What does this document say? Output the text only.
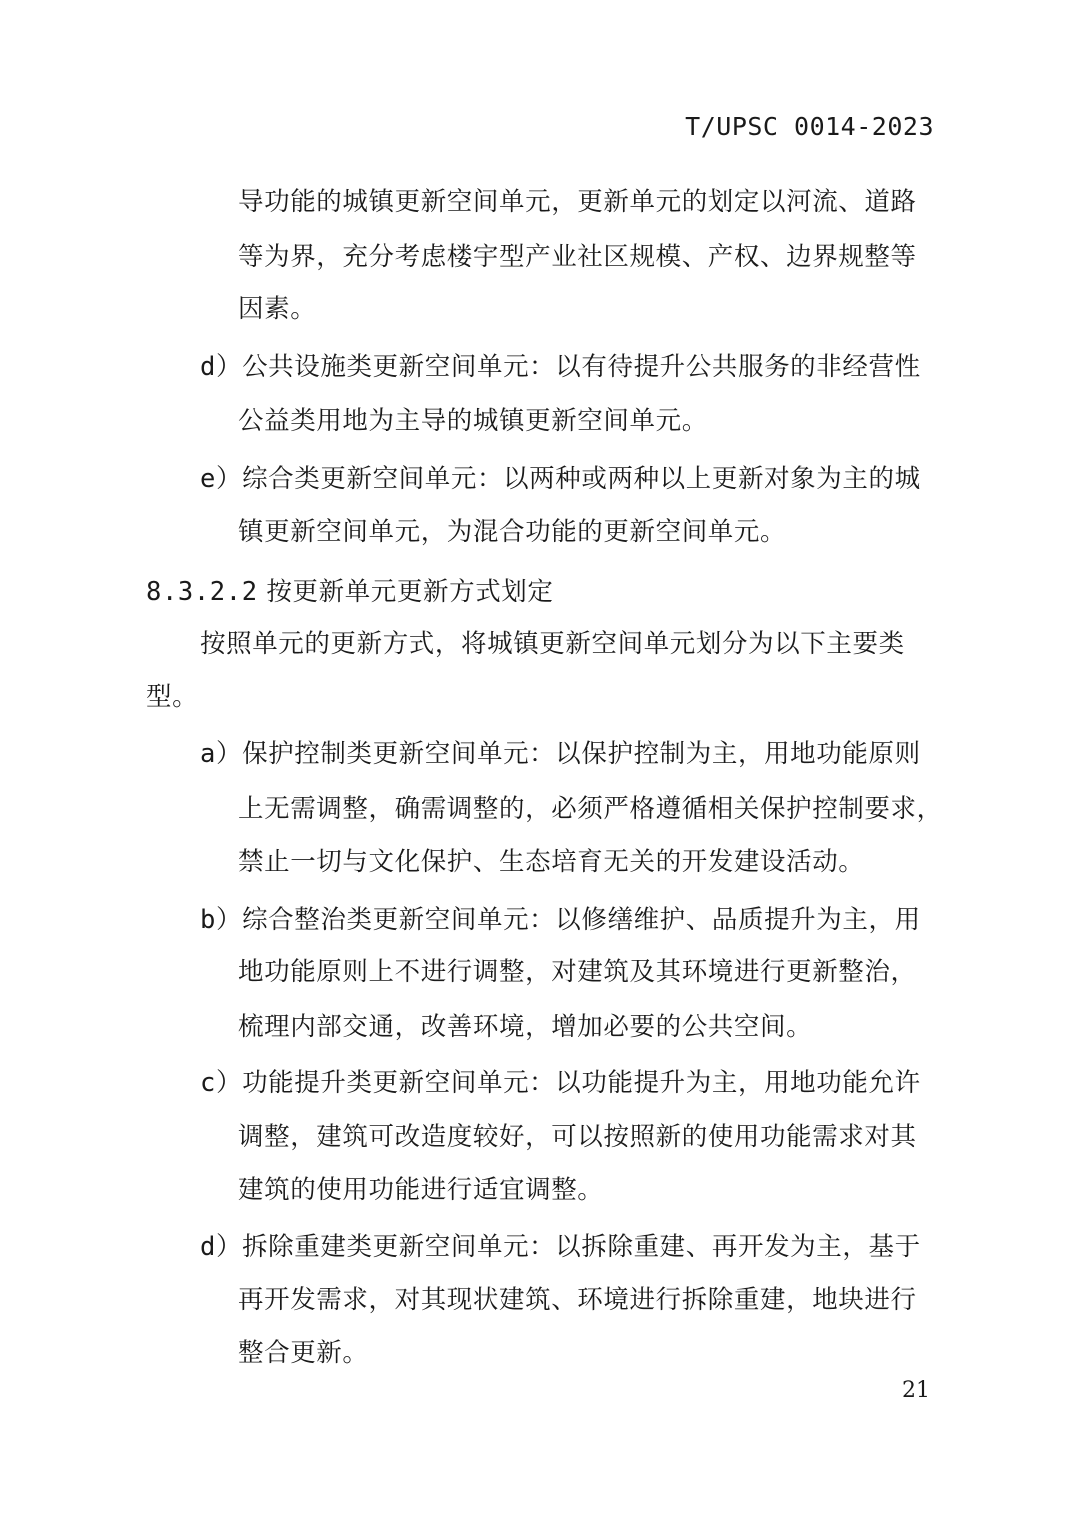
T/UPSC 0014-2023
导功能的城镇更新空间单元，更新单元的划定以河流、道路
等为界，充分考虑楼宇型产业社区规模、产权、边界规整等
因素。
d）公共设施类更新空间单元：以有待提升公共服务的非经营性
公益类用地为主导的城镇更新空间单元。
e）综合类更新空间单元：以两种或两种以上更新对象为主的城
镇更新空间单元，为混合功能的更新空间单元。
8.3.2.2 按更新单元更新方式划定
按照单元的更新方式，将城镇更新空间单元划分为以下主要类
型。
a）保护控制类更新空间单元：以保护控制为主，用地功能原则
上无需调整，确需调整的，必须严格遵循相关保护控制要求，
禁止一切与文化保护、生态培育无关的开发建设活动。
b）综合整治类更新空间单元：以修缮维护、品质提升为主，用
地功能原则上不进行调整，对建筑及其环境进行更新整治，
梳理内部交通，改善环境，增加必要的公共空间。
c）功能提升类更新空间单元：以功能提升为主，用地功能允许
调整，建筑可改造度较好，可以按照新的使用功能需求对其
建筑的使用功能进行适宜调整。
d）拆除重建类更新空间单元：以拆除重建、再开发为主，基于
再开发需求，对其现状建筑、环境进行拆除重建，地块进行
整合更新。
21
